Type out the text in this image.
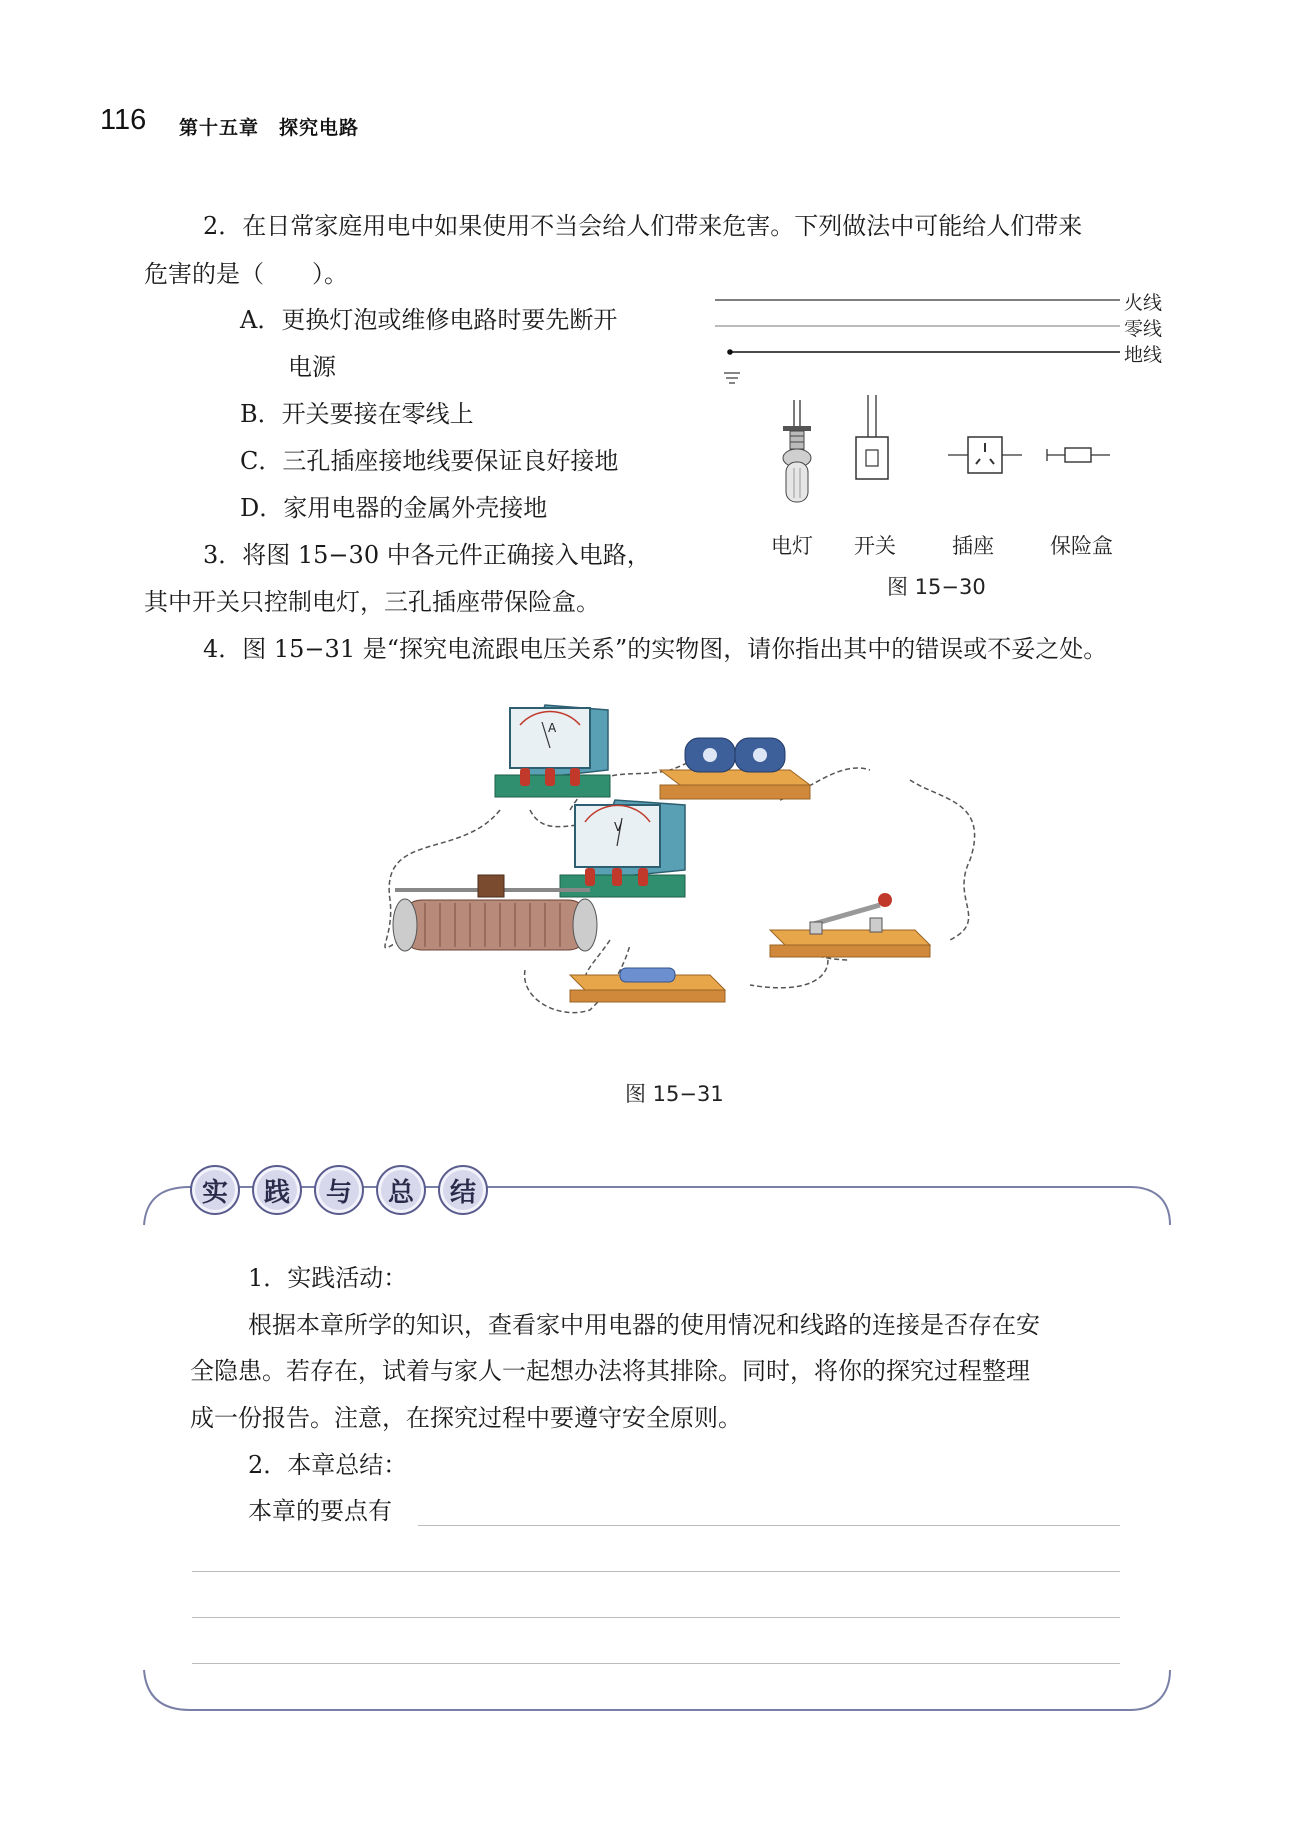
116 第十五章　探究电路
2．在日常家庭用电中如果使用不当会给人们带来危害。下列做法中可能给人们带来
危害的是（　　）。
A．更换灯泡或维修电路时要先断开
电源
B．开关要接在零线上
C．三孔插座接地线要保证良好接地
D．家用电器的金属外壳接地
3．将图 15−30 中各元件正确接入电路，
其中开关只控制电灯，三孔插座带保险盒。
4．图 15−31 是“探究电流跟电压关系”的实物图，请你指出其中的错误或不妥之处。
火线
零线
地线
电灯 开关	插座	保险盒
图 15−30
A
V
图 15−31
实	践	与	总	结
1．实践活动：
根据本章所学的知识，查看家中用电器的使用情况和线路的连接是否存在安
全隐患。若存在，试着与家人一起想办法将其排除。同时，将你的探究过程整理
成一份报告。注意，在探究过程中要遵守安全原则。
2．本章总结：
本章的要点有
